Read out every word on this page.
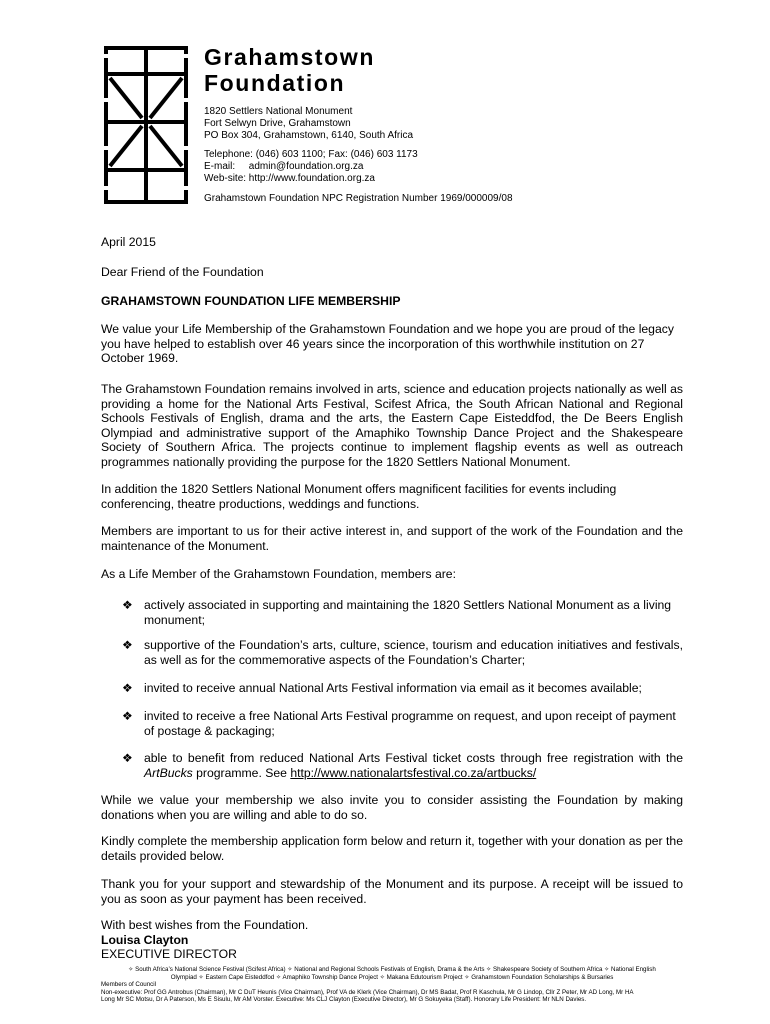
Grahamstown
Foundation
1820 Settlers National Monument
Fort Selwyn Drive, Grahamstown
PO Box 304, Grahamstown, 6140, South Africa
Telephone: (046) 603 1100; Fax: (046) 603 1173
E-mail: admin@foundation.org.za
Web-site: http://www.foundation.org.za
Grahamstown Foundation NPC Registration Number 1969/000009/08

April 2015

Dear Friend of the Foundation

GRAHAMSTOWN FOUNDATION LIFE MEMBERSHIP

We value your Life Membership of the Grahamstown Foundation and we hope you are proud of the legacy you have helped to establish over 46 years since the incorporation of this worthwhile institution on 27 October 1969.

The Grahamstown Foundation remains involved in arts, science and education projects nationally as well as providing a home for the National Arts Festival, Scifest Africa, the South African National and Regional Schools Festivals of English, drama and the arts, the Eastern Cape Eisteddfod, the De Beers English Olympiad and administrative support of the Amaphiko Township Dance Project and the Shakespeare Society of Southern Africa. The projects continue to implement flagship events as well as outreach programmes nationally providing the purpose for the 1820 Settlers National Monument.

In addition the 1820 Settlers National Monument offers magnificent facilities for events including conferencing, theatre productions, weddings and functions.

Members are important to us for their active interest in, and support of the work of the Foundation and the maintenance of the Monument.

As a Life Member of the Grahamstown Foundation, members are:

❖ actively associated in supporting and maintaining the 1820 Settlers National Monument as a living monument;
❖ supportive of the Foundation’s arts, culture, science, tourism and education initiatives and festivals, as well as for the commemorative aspects of the Foundation’s Charter;
❖ invited to receive annual National Arts Festival information via email as it becomes available;
❖ invited to receive a free National Arts Festival programme on request, and upon receipt of payment of postage & packaging;
❖ able to benefit from reduced National Arts Festival ticket costs through free registration with the ArtBucks programme. See http://www.nationalartsfestival.co.za/artbucks/

While we value your membership we also invite you to consider assisting the Foundation by making donations when you are willing and able to do so.

Kindly complete the membership application form below and return it, together with your donation as per the details provided below.

Thank you for your support and stewardship of the Monument and its purpose. A receipt will be issued to you as soon as your payment has been received.

With best wishes from the Foundation.
Louisa Clayton
EXECUTIVE DIRECTOR
✧ South Africa’s National Science Festival (Scifest Africa) ✧ National and Regional Schools Festivals of English, Drama & the Arts ✧ Shakespeare Society of Southern Africa ✧ National English
Olympiad ✧ Eastern Cape Eisteddfod ✧ Amaphiko Township Dance Project ✧ Makana Edutourism Project ✧ Grahamstown Foundation Scholarships & Bursaries
Members of Council
Non-executive: Prof GG Antrobus (Chairman), Mr C DuT Heunis (Vice Chairman), Prof VA de Klerk (Vice Chairman), Dr MS Badat, Prof R Kaschula, Mr G Lindop, Cllr Z Peter, Mr AD Long, Mr HA
Long Mr SC Motsu, Dr A Paterson, Ms E Sisulu, Mr AM Vorster. Executive: Ms CLJ Clayton (Executive Director), Mr G Sokuyeka (Staff). Honorary Life President: Mr NLN Davies.
